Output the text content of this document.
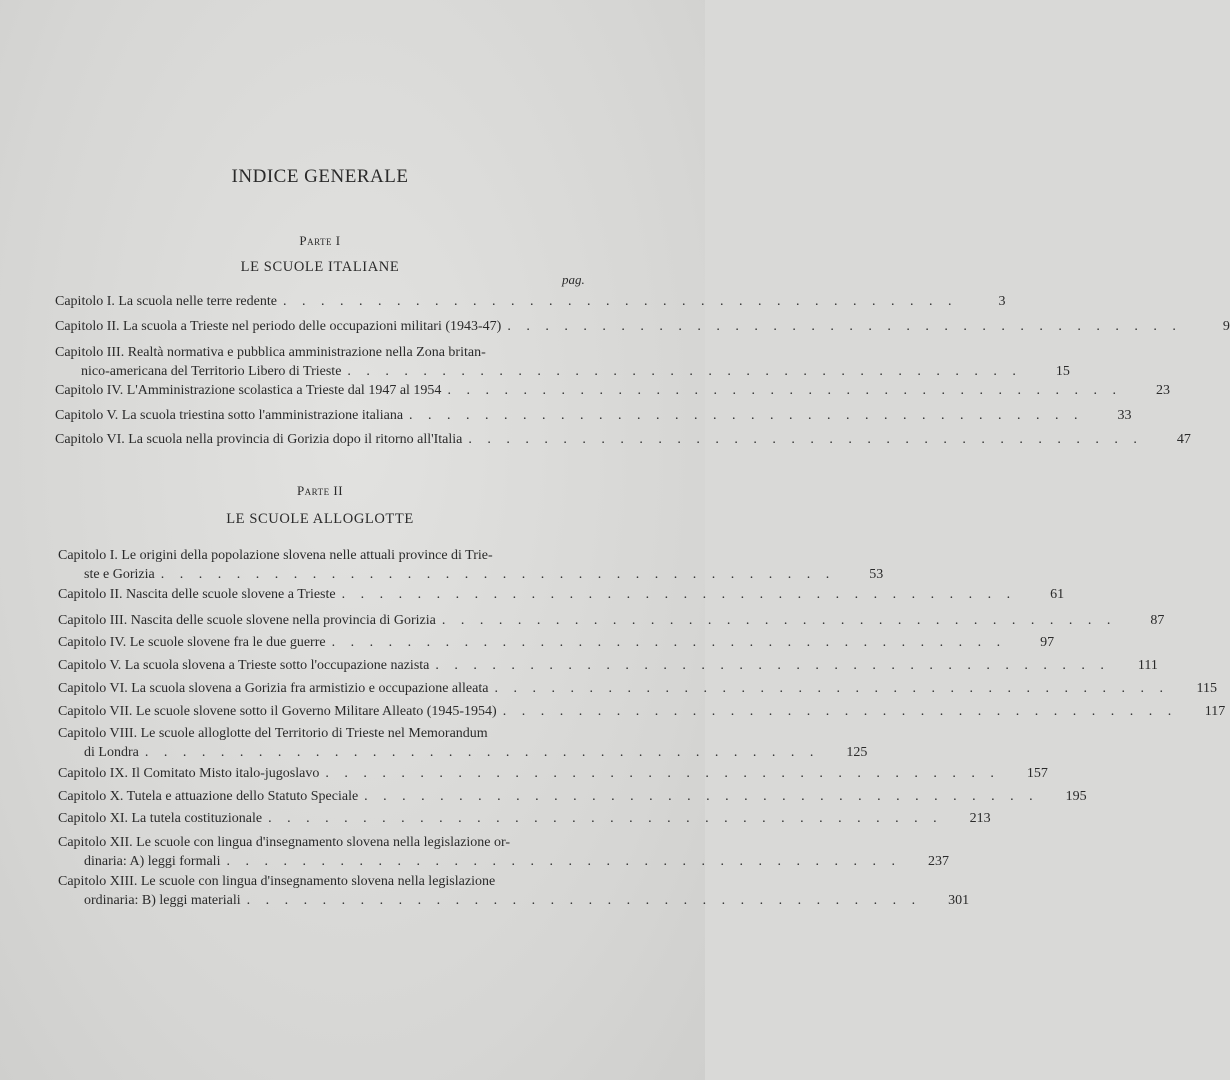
INDICE GENERALE
Parte I
LE SCUOLE ITALIANE
pag.
Capitolo I. La scuola nelle terre redente . . . . . . . . . . . . . . . . . . . . . . . . . . . . . . . . . . . .	3
Capitolo II. La scuola a Trieste nel periodo delle occupazioni militari (1943-47) . . . . . . . . . . . . . . . . . . . . . . . . . . . . . . . . . . . .	9
Capitolo III. Realtà normativa e pubblica amministrazione nella Zona britan-
nico-americana del Territorio Libero di Trieste . . . . . . . . . . . . . . . . . . . . . . . . . . . . . . . . . . . .	15
Capitolo IV. L'Amministrazione scolastica a Trieste dal 1947 al 1954 . . . . . . . . . . . . . . . . . . . . . . . . . . . . . . . . . . . .	23
Capitolo V. La scuola triestina sotto l'amministrazione italiana . . . . . . . . . . . . . . . . . . . . . . . . . . . . . . . . . . . .	33
Capitolo VI. La scuola nella provincia di Gorizia dopo il ritorno all'Italia . . . . . . . . . . . . . . . . . . . . . . . . . . . . . . . . . . . .	47
Parte II
LE SCUOLE ALLOGLOTTE
Capitolo I. Le origini della popolazione slovena nelle attuali province di Trie-
ste e Gorizia . . . . . . . . . . . . . . . . . . . . . . . . . . . . . . . . . . . .	53
Capitolo II. Nascita delle scuole slovene a Trieste . . . . . . . . . . . . . . . . . . . . . . . . . . . . . . . . . . . .	61
Capitolo III. Nascita delle scuole slovene nella provincia di Gorizia . . . . . . . . . . . . . . . . . . . . . . . . . . . . . . . . . . . .	87
Capitolo IV. Le scuole slovene fra le due guerre . . . . . . . . . . . . . . . . . . . . . . . . . . . . . . . . . . . .	97
Capitolo V. La scuola slovena a Trieste sotto l'occupazione nazista . . . . . . . . . . . . . . . . . . . . . . . . . . . . . . . . . . . .	111
Capitolo VI. La scuola slovena a Gorizia fra armistizio e occupazione alleata . . . . . . . . . . . . . . . . . . . . . . . . . . . . . . . . . . . .	115
Capitolo VII. Le scuole slovene sotto il Governo Militare Alleato (1945-1954) . . . . . . . . . . . . . . . . . . . . . . . . . . . . . . . . . . . .	117
Capitolo VIII. Le scuole alloglotte del Territorio di Trieste nel Memorandum
di Londra . . . . . . . . . . . . . . . . . . . . . . . . . . . . . . . . . . . .	125
Capitolo IX. Il Comitato Misto italo-jugoslavo . . . . . . . . . . . . . . . . . . . . . . . . . . . . . . . . . . . .	157
Capitolo X. Tutela e attuazione dello Statuto Speciale . . . . . . . . . . . . . . . . . . . . . . . . . . . . . . . . . . . .	195
Capitolo XI. La tutela costituzionale . . . . . . . . . . . . . . . . . . . . . . . . . . . . . . . . . . . .	213
Capitolo XII. Le scuole con lingua d'insegnamento slovena nella legislazione or-
dinaria: A) leggi formali . . . . . . . . . . . . . . . . . . . . . . . . . . . . . . . . . . . .	237
Capitolo XIII. Le scuole con lingua d'insegnamento slovena nella legislazione
ordinaria: B) leggi materiali . . . . . . . . . . . . . . . . . . . . . . . . . . . . . . . . . . . .	301
